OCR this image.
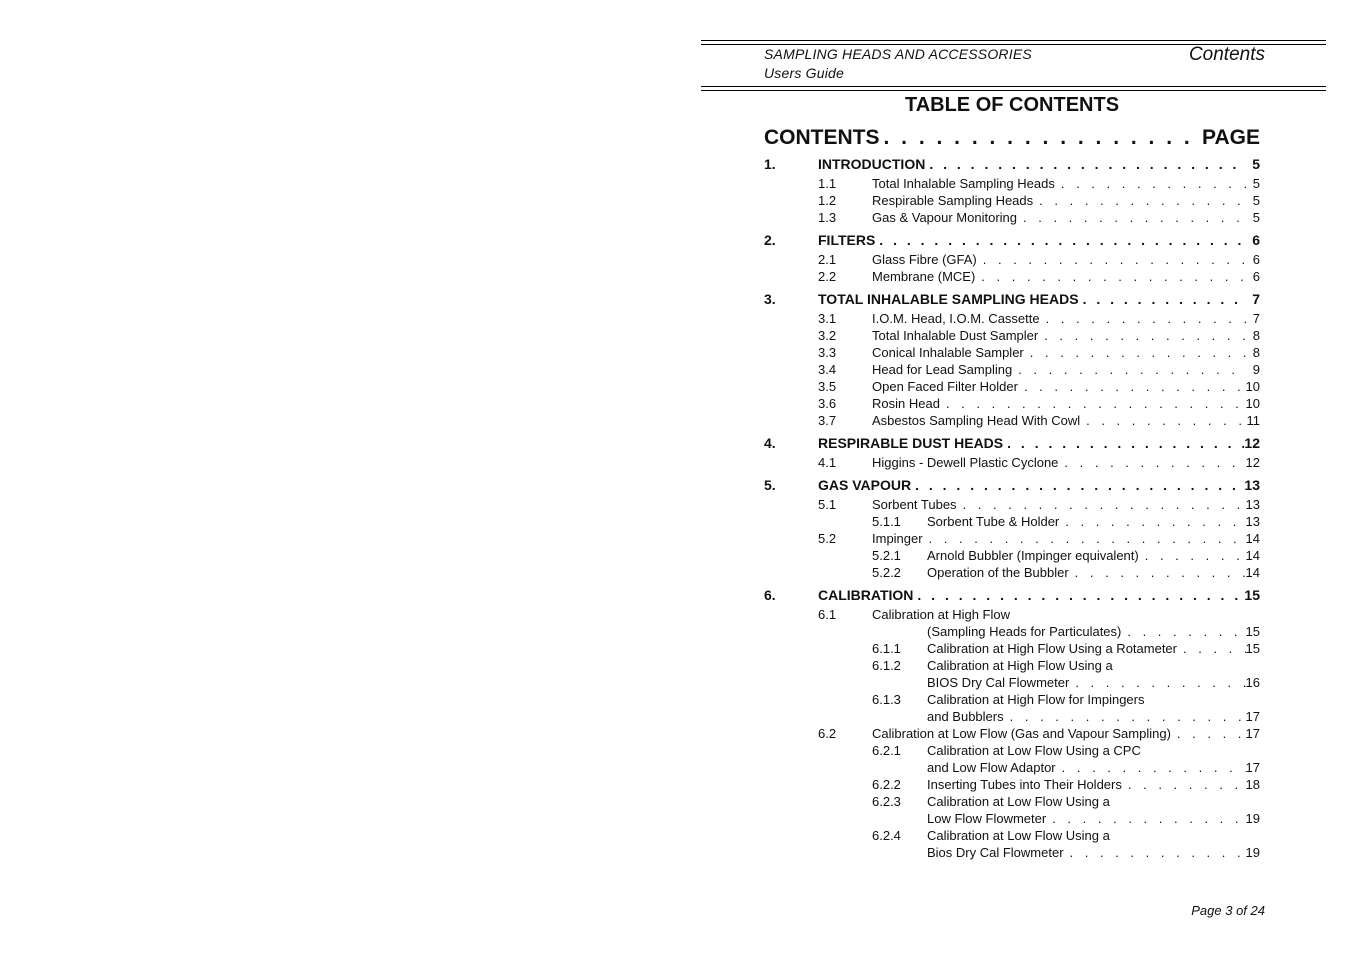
SAMPLING HEADS AND ACCESSORIES
Users Guide
Contents
TABLE OF CONTENTS
CONTENTS . . .	PAGE
1.	INTRODUCTION . . .	5
1.1	Total Inhalable Sampling Heads . . .	5
1.2	Respirable Sampling Heads . . .	5
1.3	Gas & Vapour Monitoring . . .	5
2.	FILTERS . . .	6
2.1	Glass Fibre (GFA) . . .	6
2.2	Membrane (MCE) . . .	6
3.	TOTAL INHALABLE SAMPLING HEADS . . .	7
3.1	I.O.M. Head, I.O.M. Cassette . . .	7
3.2	Total Inhalable Dust Sampler . . .	8
3.3	Conical Inhalable Sampler . . .	8
3.4	Head for Lead Sampling . . .	9
3.5	Open Faced Filter Holder . . .	10
3.6	Rosin Head . . .	10
3.7	Asbestos Sampling Head With Cowl . . .	11
4.	RESPIRABLE DUST HEADS . . .	12
4.1	Higgins - Dewell Plastic Cyclone . . .	12
5.	GAS VAPOUR . . .	13
5.1	Sorbent Tubes . . .	13
5.1.1	Sorbent Tube & Holder . . .	13
5.2	Impinger . . .	14
5.2.1	Arnold Bubbler (Impinger equivalent) . . .	14
5.2.2	Operation of the Bubbler . . .	14
6.	CALIBRATION . . .	15
6.1	Calibration at High Flow
(Sampling Heads for Particulates) . . .	15
6.1.1	Calibration at High Flow Using a Rotameter . . .	15
6.1.2	Calibration at High Flow Using a
BIOS Dry Cal Flowmeter . . .	16
6.1.3	Calibration at High Flow for Impingers
and Bubblers . . .	17
6.2	Calibration at Low Flow (Gas and Vapour Sampling) . . .	17
6.2.1	Calibration at Low Flow Using a CPC
and Low Flow Adaptor . . .	17
6.2.2	Inserting Tubes into Their Holders . . .	18
6.2.3	Calibration at Low Flow Using a
Low Flow Flowmeter . . .	19
6.2.4	Calibration at Low Flow Using a
Bios Dry Cal Flowmeter . . .	19
Page 3 of 24
